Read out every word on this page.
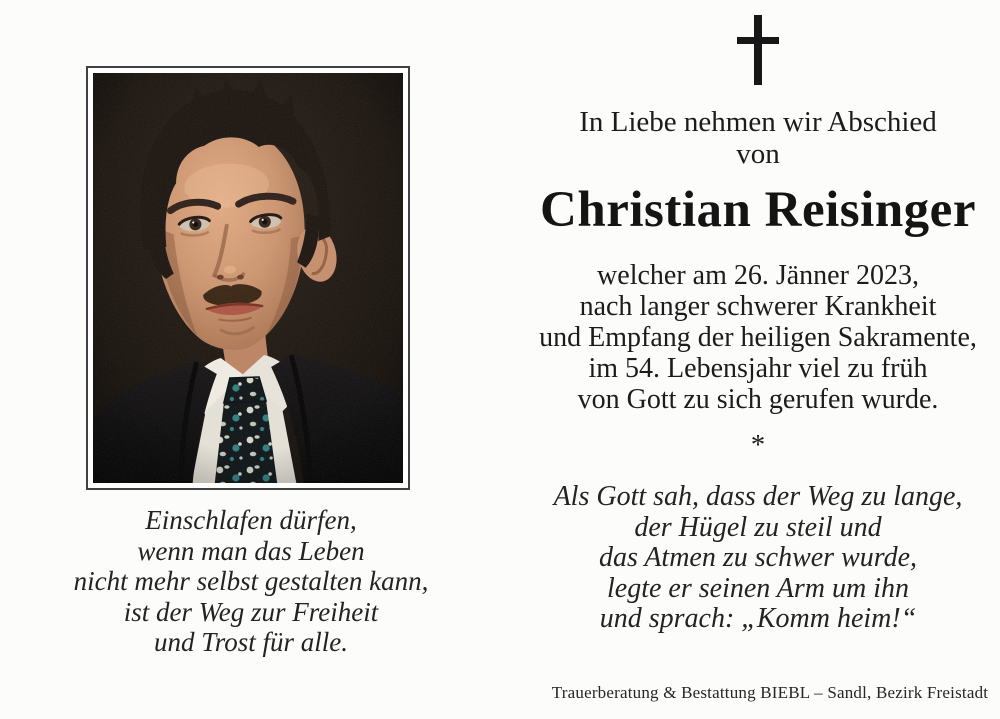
Einschlafen dürfen,
wenn man das Leben
nicht mehr selbst gestalten kann,
ist der Weg zur Freiheit
und Trost für alle.
In Liebe nehmen wir Abschied
von
Christian Reisinger
welcher am 26. Jänner 2023,
nach langer schwerer Krankheit
und Empfang der heiligen Sakramente,
im 54. Lebensjahr viel zu früh
von Gott zu sich gerufen wurde.
*
Als Gott sah, dass der Weg zu lange,
der Hügel zu steil und
das Atmen zu schwer wurde,
legte er seinen Arm um ihn
und sprach: „Komm heim!“
Trauerberatung & Bestattung BIEBL – Sandl, Bezirk Freistadt
